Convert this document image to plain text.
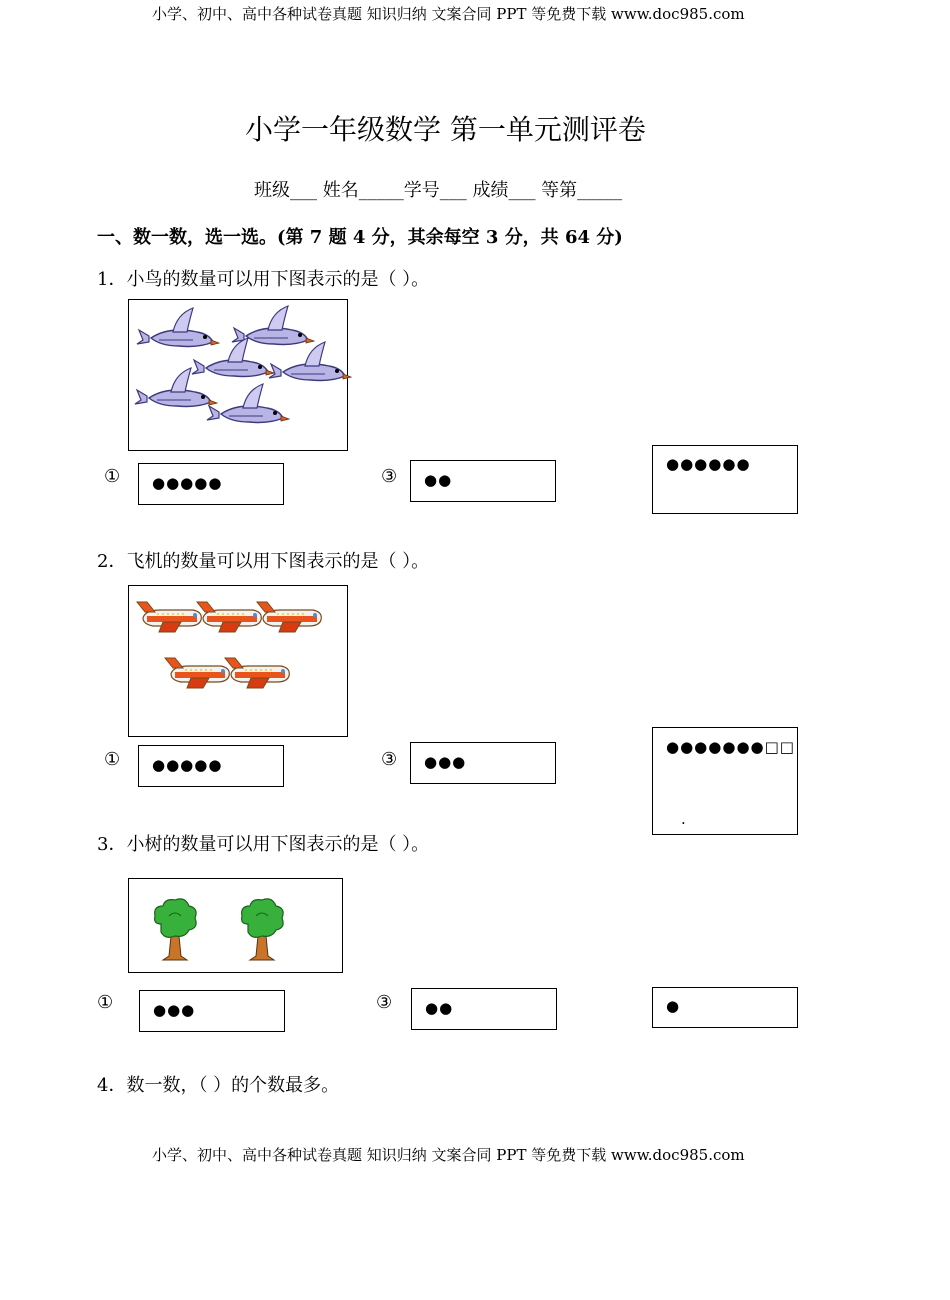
小学、初中、高中各种试卷真题 知识归纳 文案合同 PPT 等免费下载 www.doc985.com
小学一年级数学 第一单元测评卷
班级___ 姓名_____学号___ 成绩___ 等第_____
一、数一数，选一选。(第 7 题 4 分，其余每空 3 分，共 64 分)
1．小鸟的数量可以用下图表示的是（ ）。
① ●●●●●	③ ●●
●●●●●●
2．飞机的数量可以用下图表示的是（ ）。
① ●●●●●	③ ●●●
●●●●●●●□□
.
3．小树的数量可以用下图表示的是（ ）。
①	●●●	③ ●●	●
4．数一数，（ ）的个数最多。
小学、初中、高中各种试卷真题 知识归纳 文案合同 PPT 等免费下载 www.doc985.com
